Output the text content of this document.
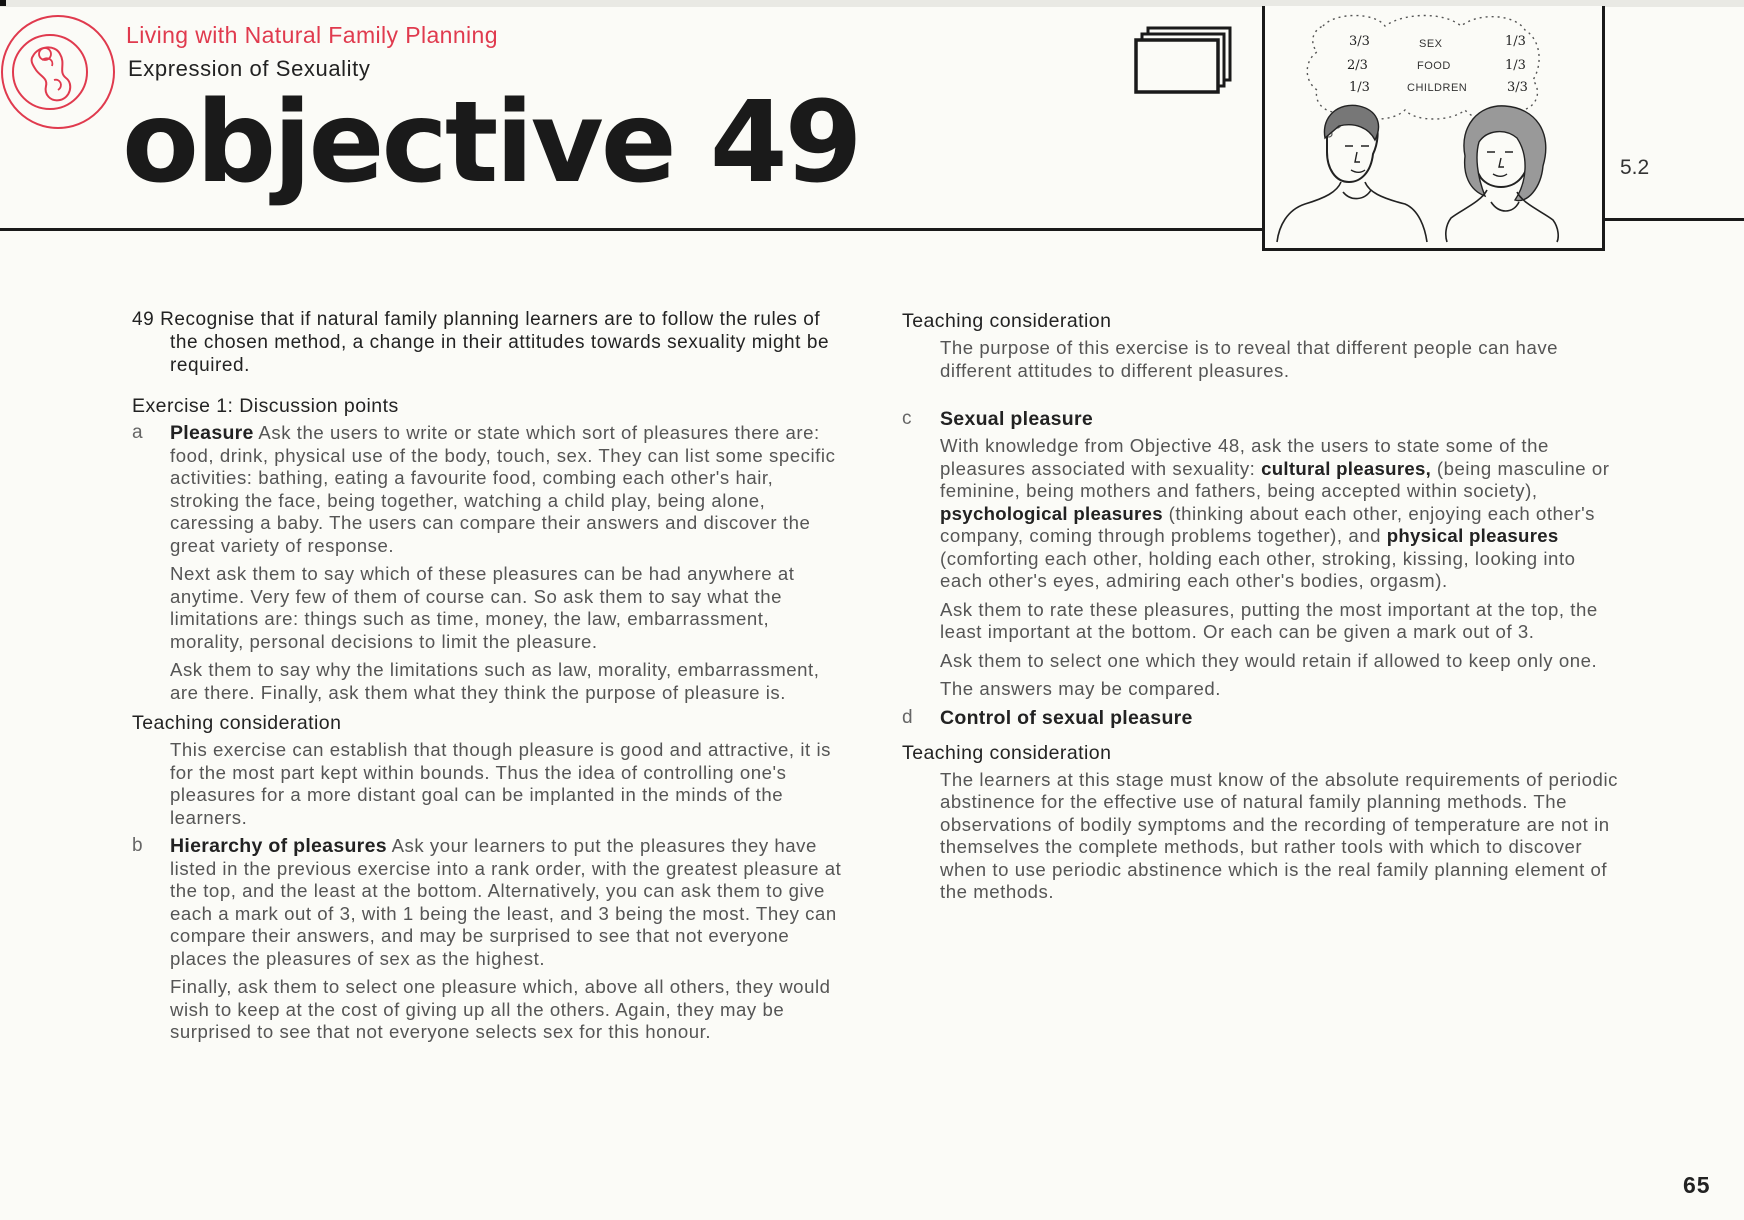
Living with Natural Family Planning
Expression of Sexuality
objective 49
3/3
2/3
1/3
SEX
FOOD
CHILDREN
1/3
1/3
3/3
5.2

49 Recognise that if natural family planning learners are to follow the rules of the chosen method, a change in their attitudes towards sexuality might be required.

Exercise 1: Discussion points

a Pleasure Ask the users to write or state which sort of pleasures there are: food, drink, physical use of the body, touch, sex. They can list some specific activities: bathing, eating a favourite food, combing each other's hair, stroking the face, being together, watching a child play, being alone, caressing a baby. The users can compare their answers and discover the great variety of response.

Next ask them to say which of these pleasures can be had anywhere at anytime. Very few of them of course can. So ask them to say what the limitations are: things such as time, money, the law, embarrassment, morality, personal decisions to limit the pleasure.

Ask them to say why the limitations such as law, morality, embarrassment, are there. Finally, ask them what they think the purpose of pleasure is.

Teaching consideration

This exercise can establish that though pleasure is good and attractive, it is for the most part kept within bounds. Thus the idea of controlling one's pleasures for a more distant goal can be implanted in the minds of the learners.

b Hierarchy of pleasures Ask your learners to put the pleasures they have listed in the previous exercise into a rank order, with the greatest pleasure at the top, and the least at the bottom. Alternatively, you can ask them to give each a mark out of 3, with 1 being the least, and 3 being the most. They can compare their answers, and may be surprised to see that not everyone places the pleasures of sex as the highest.

Finally, ask them to select one pleasure which, above all others, they would wish to keep at the cost of giving up all the others. Again, they may be surprised to see that not everyone selects sex for this honour.

Teaching consideration

The purpose of this exercise is to reveal that different people can have different attitudes to different pleasures.

c Sexual pleasure

With knowledge from Objective 48, ask the users to state some of the pleasures associated with sexuality: cultural pleasures, (being masculine or feminine, being mothers and fathers, being accepted within society), psychological pleasures (thinking about each other, enjoying each other's company, coming through problems together), and physical pleasures (comforting each other, holding each other, stroking, kissing, looking into each other's eyes, admiring each other's bodies, orgasm).

Ask them to rate these pleasures, putting the most important at the top, the least important at the bottom. Or each can be given a mark out of 3.

Ask them to select one which they would retain if allowed to keep only one.

The answers may be compared.

d Control of sexual pleasure

Teaching consideration

The learners at this stage must know of the absolute requirements of periodic abstinence for the effective use of natural family planning methods. The observations of bodily symptoms and the recording of temperature are not in themselves the complete methods, but rather tools with which to discover when to use periodic abstinence which is the real family planning element of the methods.

65
